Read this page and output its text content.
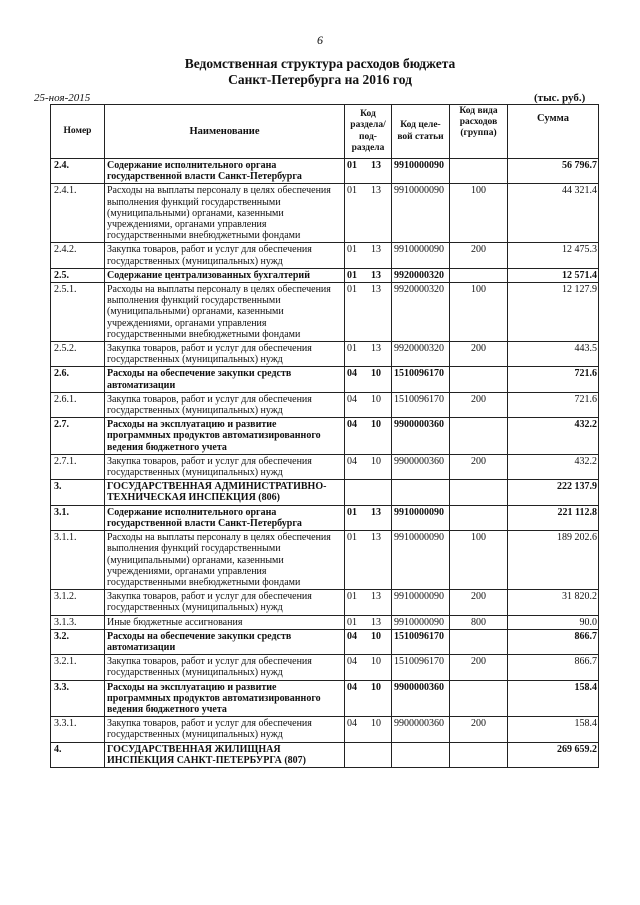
6
Ведомственная структура расходов бюджета
Санкт-Петербурга на 2016 год
25-ноя-2015	(тыс. руб.)
Номер	Наименование	Код раздела/ под- раздела	Код целе- вой статьи	Код вида расходов (группа)	Сумма
2.4.	Содержание исполнительного органа государственной власти Санкт-Петербурга	01 13	9910000090		56 796.7
2.4.1.	Расходы на выплаты персоналу в целях обеспечения выполнения функций государственными (муниципальными) органами, казенными учреждениями, органами управления государственными внебюджетными фондами	01 13	9910000090	100	44 321.4
2.4.2.	Закупка товаров, работ и услуг для обеспечения государственных (муниципальных) нужд	01 13	9910000090	200	12 475.3
2.5.	Содержание централизованных бухгалтерий	01 13	9920000320		12 571.4
2.5.1.	Расходы на выплаты персоналу в целях обеспечения выполнения функций государственными (муниципальными) органами, казенными учреждениями, органами управления государственными внебюджетными фондами	01 13	9920000320	100	12 127.9
2.5.2.	Закупка товаров, работ и услуг для обеспечения государственных (муниципальных) нужд	01 13	9920000320	200	443.5
2.6.	Расходы на обеспечение закупки средств автоматизации	04 10	1510096170		721.6
2.6.1.	Закупка товаров, работ и услуг для обеспечения государственных (муниципальных) нужд	04 10	1510096170	200	721.6
2.7.	Расходы на эксплуатацию и развитие программных продуктов автоматизированного ведения бюджетного учета	04 10	9900000360		432.2
2.7.1.	Закупка товаров, работ и услуг для обеспечения государственных (муниципальных) нужд	04 10	9900000360	200	432.2
3.	ГОСУДАРСТВЕННАЯ АДМИНИСТРАТИВНО-ТЕХНИЧЕСКАЯ ИНСПЕКЦИЯ (806)				222 137.9
3.1.	Содержание исполнительного органа государственной власти Санкт-Петербурга	01 13	9910000090		221 112.8
3.1.1.	Расходы на выплаты персоналу в целях обеспечения выполнения функций государственными (муниципальными) органами, казенными учреждениями, органами управления государственными внебюджетными фондами	01 13	9910000090	100	189 202.6
3.1.2.	Закупка товаров, работ и услуг для обеспечения государственных (муниципальных) нужд	01 13	9910000090	200	31 820.2
3.1.3.	Иные бюджетные ассигнования	01 13	9910000090	800	90.0
3.2.	Расходы на обеспечение закупки средств автоматизации	04 10	1510096170		866.7
3.2.1.	Закупка товаров, работ и услуг для обеспечения государственных (муниципальных) нужд	04 10	1510096170	200	866.7
3.3.	Расходы на эксплуатацию и развитие программных продуктов автоматизированного ведения бюджетного учета	04 10	9900000360		158.4
3.3.1.	Закупка товаров, работ и услуг для обеспечения государственных (муниципальных) нужд	04 10	9900000360	200	158.4
4.	ГОСУДАРСТВЕННАЯ ЖИЛИЩНАЯ ИНСПЕКЦИЯ САНКТ-ПЕТЕРБУРГА (807)				269 659.2
